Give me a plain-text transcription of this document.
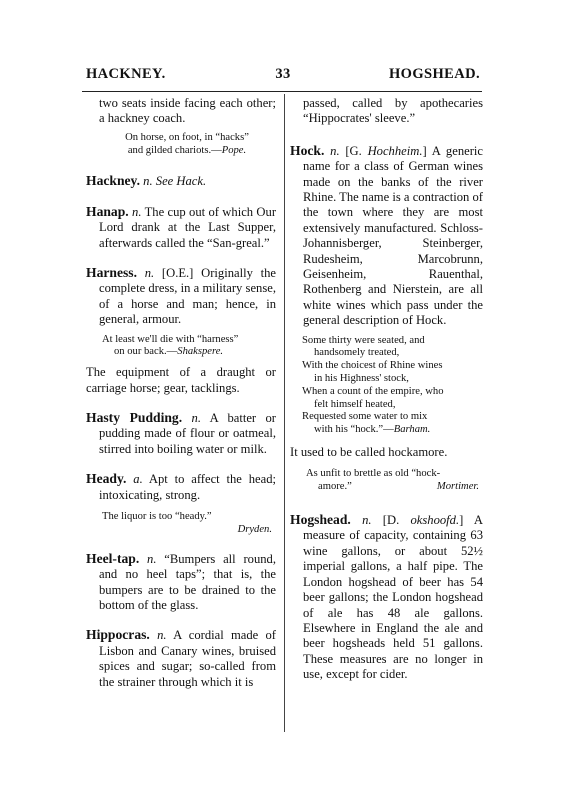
HACKNEY.	33	HOGSHEAD.
two seats inside facing each other; a hackney coach.
On horse, on foot, in “hacks”
and gilded chariots.—Pope.
Hackney. n. See Hack.
Hanap. n. The cup out of which Our Lord drank at the Last Supper, afterwards called the “San-greal.”
Harness. n. [O.E.] Originally the complete dress, in a military sense, of a horse and man; hence, in general, armour.
At least we'll die with “harness”
on our back.—Shakspere.
The equipment of a draught or carriage horse; gear, tacklings.
Hasty Pudding. n. A batter or pudding made of flour or oatmeal, stirred into boiling water or milk.
Heady. a. Apt to affect the head; intoxicating, strong.
The liquor is too “heady.”
Dryden.
Heel-tap. n. “Bumpers all round, and no heel taps”; that is, the bumpers are to be drained to the bottom of the glass.
Hippocras. n. A cordial made of Lisbon and Canary wines, bruised spices and sugar; so-called from the strainer through which it is
passed, called by apothecaries “Hippocrates' sleeve.”
Hock. n. [G. Hochheim.] A generic name for a class of German wines made on the banks of the river Rhine. The name is a contraction of the town where they are most extensively manufactured. Schloss-Johannisberger, Steinberger, Rudesheim, Marcobrunn, Geisenheim, Rauenthal, Rothenberg and Nierstein, are all white wines which pass under the general description of Hock.
Some thirty were seated, and
handsomely treated,
With the choicest of Rhine wines
in his Highness' stock,
When a count of the empire, who
felt himself heated,
Requested some water to mix
with his “hock.”—Barham.
It used to be called hockamore.
As unfit to brettle as old “hock-
amore.”	Mortimer.
Hogshead. n. [D. okshoofd.] A measure of capacity, containing 63 wine gallons, or about 52½ imperial gallons, a half pipe. The London hogshead of beer has 54 beer gallons; the London hogshead of ale has 48 ale gallons. Elsewhere in England the ale and beer hogsheads held 51 gallons. These measures are no longer in use, except for cider.
